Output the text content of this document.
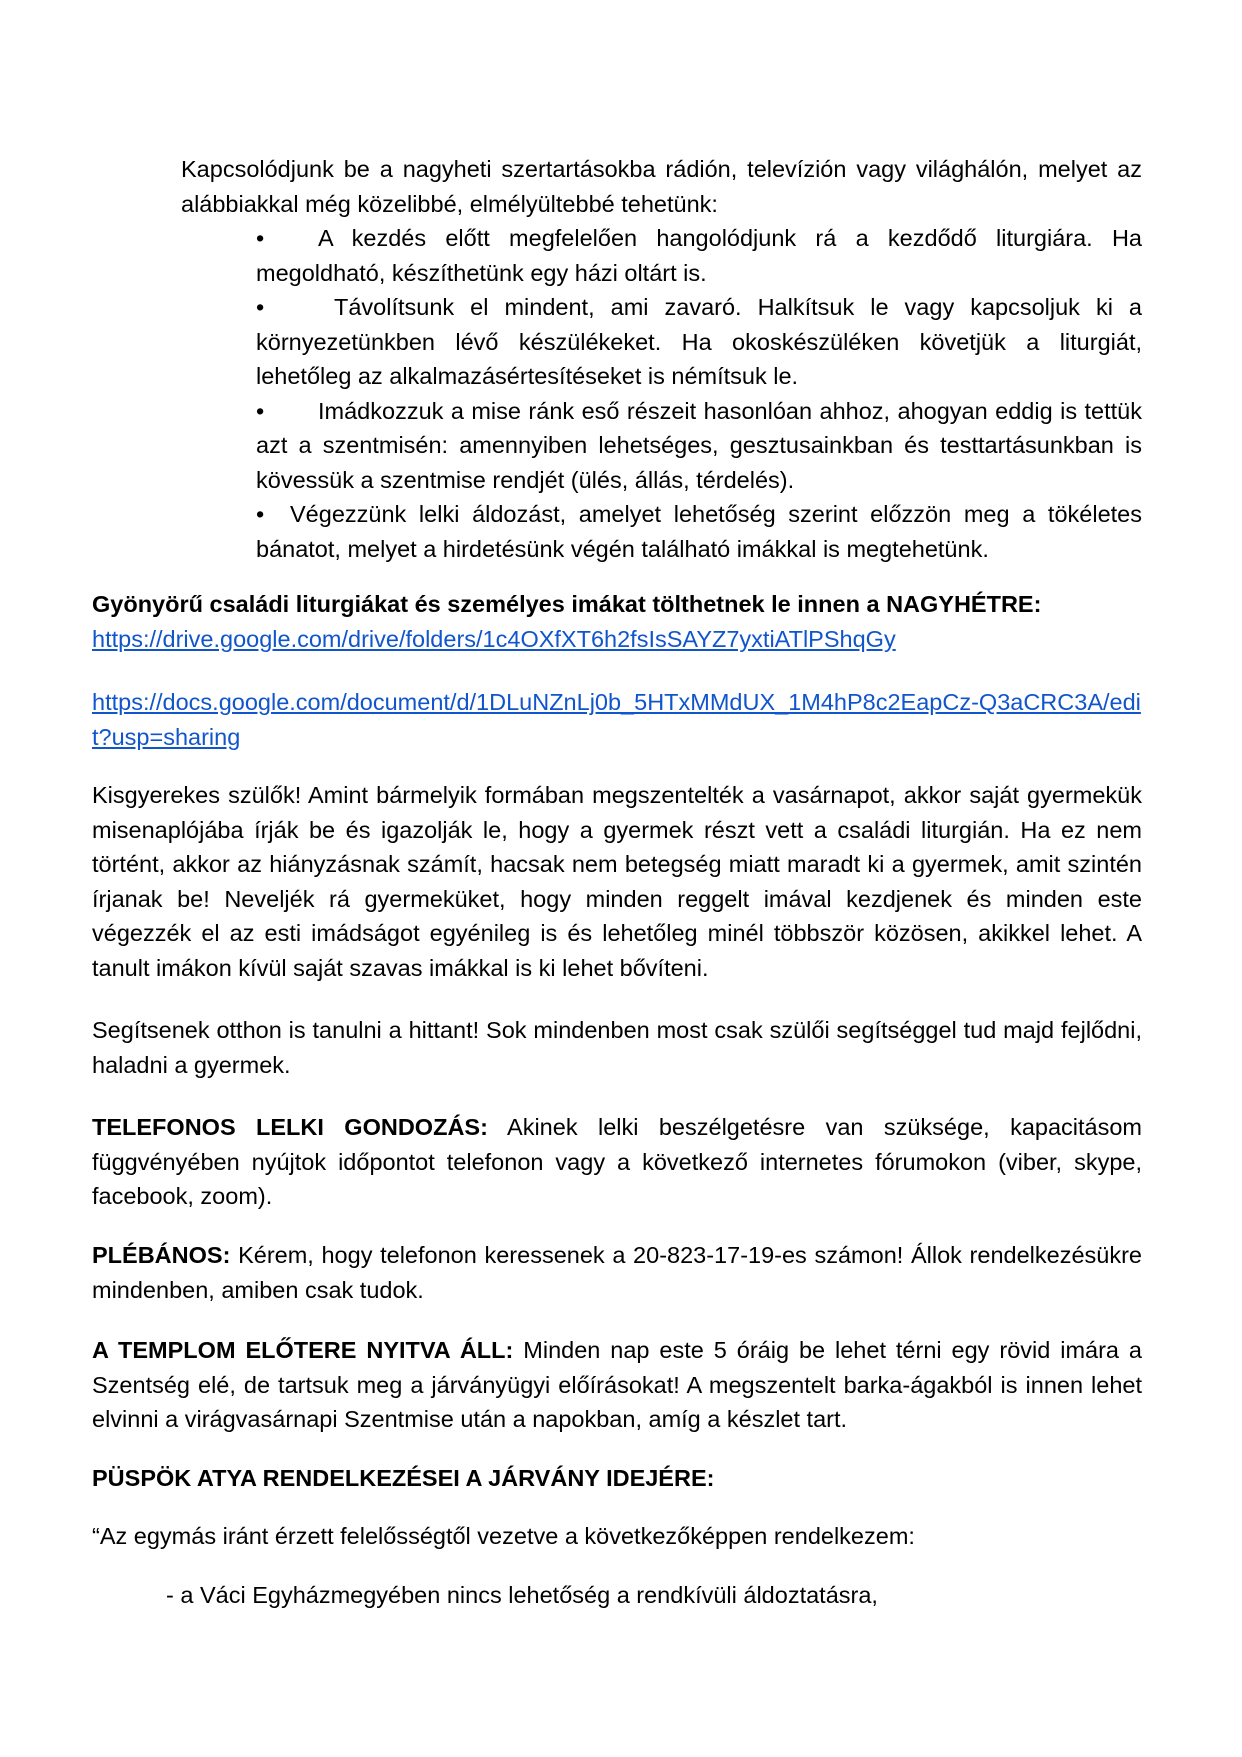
Kapcsolódjunk be a nagyheti szertartásokba rádión, televízión vagy világhálón, melyet az alábbiakkal még közelibbé, elmélyültebbé tehetünk:

• A kezdés előtt megfelelően hangolódjunk rá a kezdődő liturgiára. Ha megoldható, készíthetünk egy házi oltárt is.
•	Távolítsunk el mindent, ami zavaró. Halkítsuk le vagy kapcsoljuk ki a környezetünkben lévő készülékeket. Ha okoskészüléken követjük a liturgiát, lehetőleg az alkalmazásértesítéseket is némítsuk le.
• Imádkozzuk a mise ránk eső részeit hasonlóan ahhoz, ahogyan eddig is tettük azt a szentmisén: amennyiben lehetséges, gesztusainkban és testtartásunkban is kövessük a szentmise rendjét (ülés, állás, térdelés).
• Végezzünk lelki áldozást, amelyet lehetőség szerint előzzön meg a tökéletes bánatot, melyet a hirdetésünk végén található imákkal is megtehetünk.
Gyönyörű családi liturgiákat és személyes imákat tölthetnek le innen a NAGYHÉTRE:
https://drive.google.com/drive/folders/1c4OXfXT6h2fsIsSAYZ7yxtiATlPShqGy
https://docs.google.com/document/d/1DLuNZnLj0b_5HTxMMdUX_1M4hP8c2EapCz-Q3aCRC3A/edit?usp=sharing

Kisgyerekes szülők! Amint bármelyik formában megszentelték a vasárnapot, akkor saját gyermekük misenaplójába írják be és igazolják le, hogy a gyermek részt vett a családi liturgián. Ha ez nem történt, akkor az hiányzásnak számít, hacsak nem betegség miatt maradt ki a gyermek, amit szintén írjanak be! Neveljék rá gyermeküket, hogy minden reggelt imával kezdjenek és minden este végezzék el az esti imádságot egyénileg is és lehetőleg minél többször közösen, akikkel lehet. A tanult imákon kívül saját szavas imákkal is ki lehet bővíteni.

Segítsenek otthon is tanulni a hittant! Sok mindenben most csak szülői segítséggel tud majd fejlődni, haladni a gyermek.

TELEFONOS LELKI GONDOZÁS: Akinek lelki beszélgetésre van szüksége, kapacitásom függvényében nyújtok időpontot telefonon vagy a következő internetes fórumokon (viber, skype, facebook, zoom).

PLÉBÁNOS: Kérem, hogy telefonon keressenek a 20-823-17-19-es számon! Állok rendelkezésükre mindenben, amiben csak tudok.

A TEMPLOM ELŐTERE NYITVA ÁLL: Minden nap este 5 óráig be lehet térni egy rövid imára a Szentség elé, de tartsuk meg a járványügyi előírásokat! A megszentelt barka-ágakból is innen lehet elvinni a virágvasárnapi Szentmise után a napokban, amíg a készlet tart.

PÜSPÖK ATYA RENDELKEZÉSEI A JÁRVÁNY IDEJÉRE:

“Az egymás iránt érzett felelősségtől vezetve a következőképpen rendelkezem:

- a Váci Egyházmegyében nincs lehetőség a rendkívüli áldoztatásra,
